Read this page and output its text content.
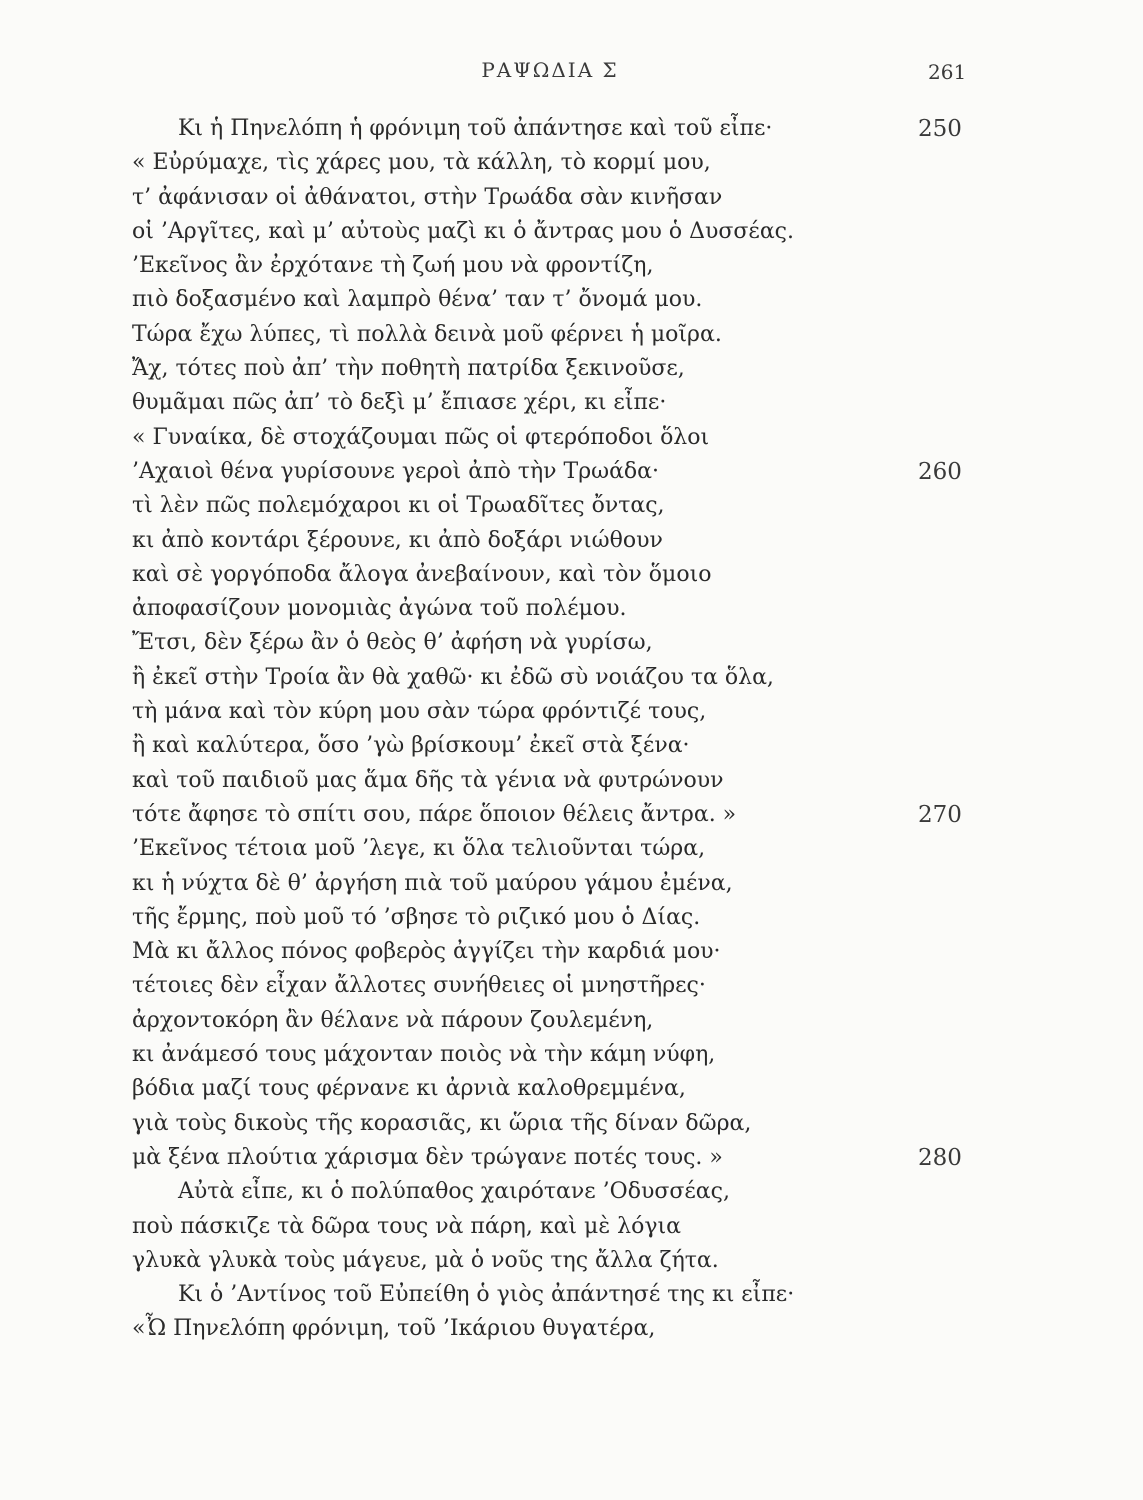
ΡΑΨΩΔΙΑ Σ	261
Κι ἡ Πηνελόπη ἡ φρόνιμη τοῦ ἀπάντησε καὶ τοῦ εἶπε·	250
« Εὐρύμαχε, τὶς χάρες μου, τὰ κάλλη, τὸ κορμί μου,
τ’ ἀφάνισαν οἱ ἀθάνατοι, στὴν Τρωάδα σὰν κινῆσαν
οἱ ’Αργῖτες, καὶ μ’ αὐτοὺς μαζὶ κι ὁ ἄντρας μου ὁ Δυσσέας.
’Εκεῖνος ἂν ἐρχότανε τὴ ζωή μου νὰ φροντίζη,
πιὸ δοξασμένο καὶ λαμπρὸ θένα’ ταν τ’ ὄνομά μου.
Τώρα ἔχω λύπες, τὶ πολλὰ δεινὰ μοῦ φέρνει ἡ μοῖρα.
Ἄχ, τότες ποὺ ἀπ’ τὴν ποθητὴ πατρίδα ξεκινοῦσε,
θυμᾶμαι πῶς ἀπ’ τὸ δεξὶ μ’ ἔπιασε χέρι, κι εἶπε·
« Γυναίκα, δὲ στοχάζουμαι πῶς οἱ φτερόποδοι ὅλοι
’Αχαιοὶ θένα γυρίσουνε γεροὶ ἀπὸ τὴν Τρωάδα·	260
τὶ λὲν πῶς πολεμόχαροι κι οἱ Τρωαδῖτες ὄντας,
κι ἀπὸ κοντάρι ξέρουνε, κι ἀπὸ δοξάρι νιώθουν
καὶ σὲ γοργόποδα ἄλογα ἀνεβαίνουν, καὶ τὸν ὅμοιο
ἀποφασίζουν μονομιὰς ἀγώνα τοῦ πολέμου.
Ἔτσι, δὲν ξέρω ἂν ὁ θεὸς θ’ ἀφήση νὰ γυρίσω,
ἢ ἐκεῖ στὴν Τροία ἂν θὰ χαθῶ· κι ἐδῶ σὺ νοιάζου τα ὅλα,
τὴ μάνα καὶ τὸν κύρη μου σὰν τώρα φρόντιζέ τους,
ἢ καὶ καλύτερα, ὅσο ’γὼ βρίσκουμ’ ἐκεῖ στὰ ξένα·
καὶ τοῦ παιδιοῦ μας ἅμα δῆς τὰ γένια νὰ φυτρώνουν
τότε ἄφησε τὸ σπίτι σου, πάρε ὅποιον θέλεις ἄντρα. »	270
’Εκεῖνος τέτοια μοῦ ’λεγε, κι ὅλα τελιοῦνται τώρα,
κι ἡ νύχτα δὲ θ’ ἀργήση πιὰ τοῦ μαύρου γάμου ἐμένα,
τῆς ἔρμης, ποὺ μοῦ τό ’σβησε τὸ ριζικό μου ὁ Δίας.
Μὰ κι ἄλλος πόνος φοβερὸς ἀγγίζει τὴν καρδιά μου·
τέτοιες δὲν εἶχαν ἄλλοτες συνήθειες οἱ μνηστῆρες·
ἀρχοντοκόρη ἂν θέλανε νὰ πάρουν ζουλεμένη,
κι ἀνάμεσό τους μάχονταν ποιὸς νὰ τὴν κάμη νύφη,
βόδια μαζί τους φέρνανε κι ἀρνιὰ καλοθρεμμένα,
γιὰ τοὺς δικοὺς τῆς κορασιᾶς, κι ὥρια τῆς δίναν δῶρα,
μὰ ξένα πλούτια χάρισμα δὲν τρώγανε ποτές τους. »	280
Αὐτὰ εἶπε, κι ὁ πολύπαθος χαιρότανε ’Οδυσσέας,
ποὺ πάσκιζε τὰ δῶρα τους νὰ πάρη, καὶ μὲ λόγια
γλυκὰ γλυκὰ τοὺς μάγευε, μὰ ὁ νοῦς της ἄλλα ζήτα.
Κι ὁ ’Αντίνος τοῦ Εὐπείθη ὁ γιὸς ἀπάντησέ της κι εἶπε·
«Ὦ Πηνελόπη φρόνιμη, τοῦ ’Ικάριου θυγατέρα,
